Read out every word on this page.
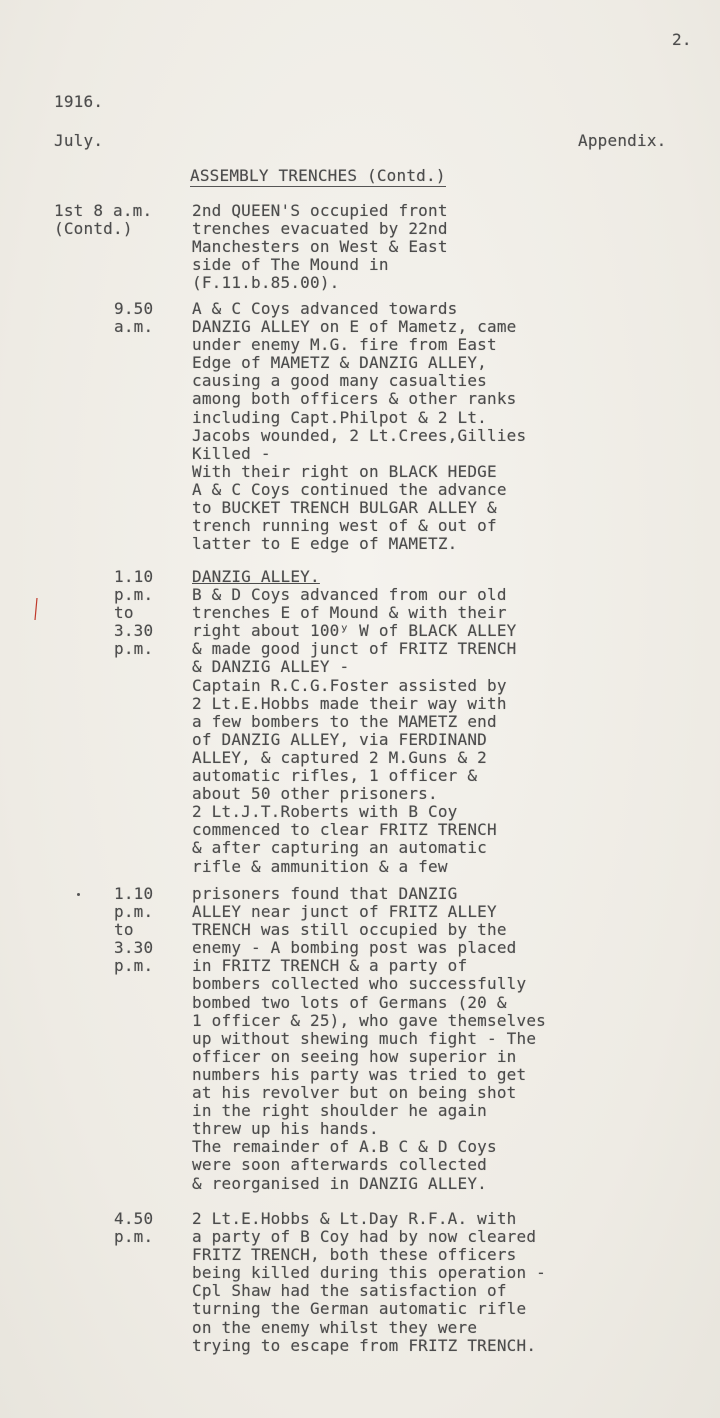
2.
1916.
July.	Appendix.
ASSEMBLY TRENCHES (Contd.)
1st 8 a.m.
(Contd.)
2nd QUEEN'S occupied front
trenches evacuated by 22nd
Manchesters on West & East
side of The Mound in
(F.11.b.85.00).
9.50
a.m.
A & C Coys advanced towards
DANZIG ALLEY on E of Mametz, came
under enemy M.G. fire from East
Edge of MAMETZ & DANZIG ALLEY,
causing a good many casualties
among both officers & other ranks
including Capt.Philpot & 2 Lt.
Jacobs wounded, 2 Lt.Crees,Gillies
Killed -
With their right on BLACK HEDGE
A & C Coys continued the advance
to BUCKET TRENCH BULGAR ALLEY &
trench running west of & out of
latter to E edge of MAMETZ.
1.10
p.m.
to
3.30
p.m.
DANZIG ALLEY.
B & D Coys advanced from our old
trenches E of Mound & with their
right about 100ʸ W of BLACK ALLEY
& made good junct of FRITZ TRENCH
& DANZIG ALLEY -
Captain R.C.G.Foster assisted by
2 Lt.E.Hobbs made their way with
a few bombers to the MAMETZ end
of DANZIG ALLEY, via FERDINAND
ALLEY, & captured 2 M.Guns & 2
automatic rifles, 1 officer &
about 50 other prisoners.
2 Lt.J.T.Roberts with B Coy
commenced to clear FRITZ TRENCH
& after capturing an automatic
rifle & ammunition & a few
1.10
p.m.
to
3.30
p.m.
prisoners found that DANZIG
ALLEY near junct of FRITZ ALLEY
TRENCH was still occupied by the
enemy - A bombing post was placed
in FRITZ TRENCH & a party of
bombers collected who successfully
bombed two lots of Germans (20 &
1 officer & 25), who gave themselves
up without shewing much fight - The
officer on seeing how superior in
numbers his party was tried to get
at his revolver but on being shot
in the right shoulder he again
threw up his hands.
The remainder of A.B C & D Coys
were soon afterwards collected
& reorganised in DANZIG ALLEY.
4.50
p.m.
2 Lt.E.Hobbs & Lt.Day R.F.A. with
a party of B Coy had by now cleared
FRITZ TRENCH, both these officers
being killed during this operation -
Cpl Shaw had the satisfaction of
turning the German automatic rifle
on the enemy whilst they were
trying to escape from FRITZ TRENCH.
